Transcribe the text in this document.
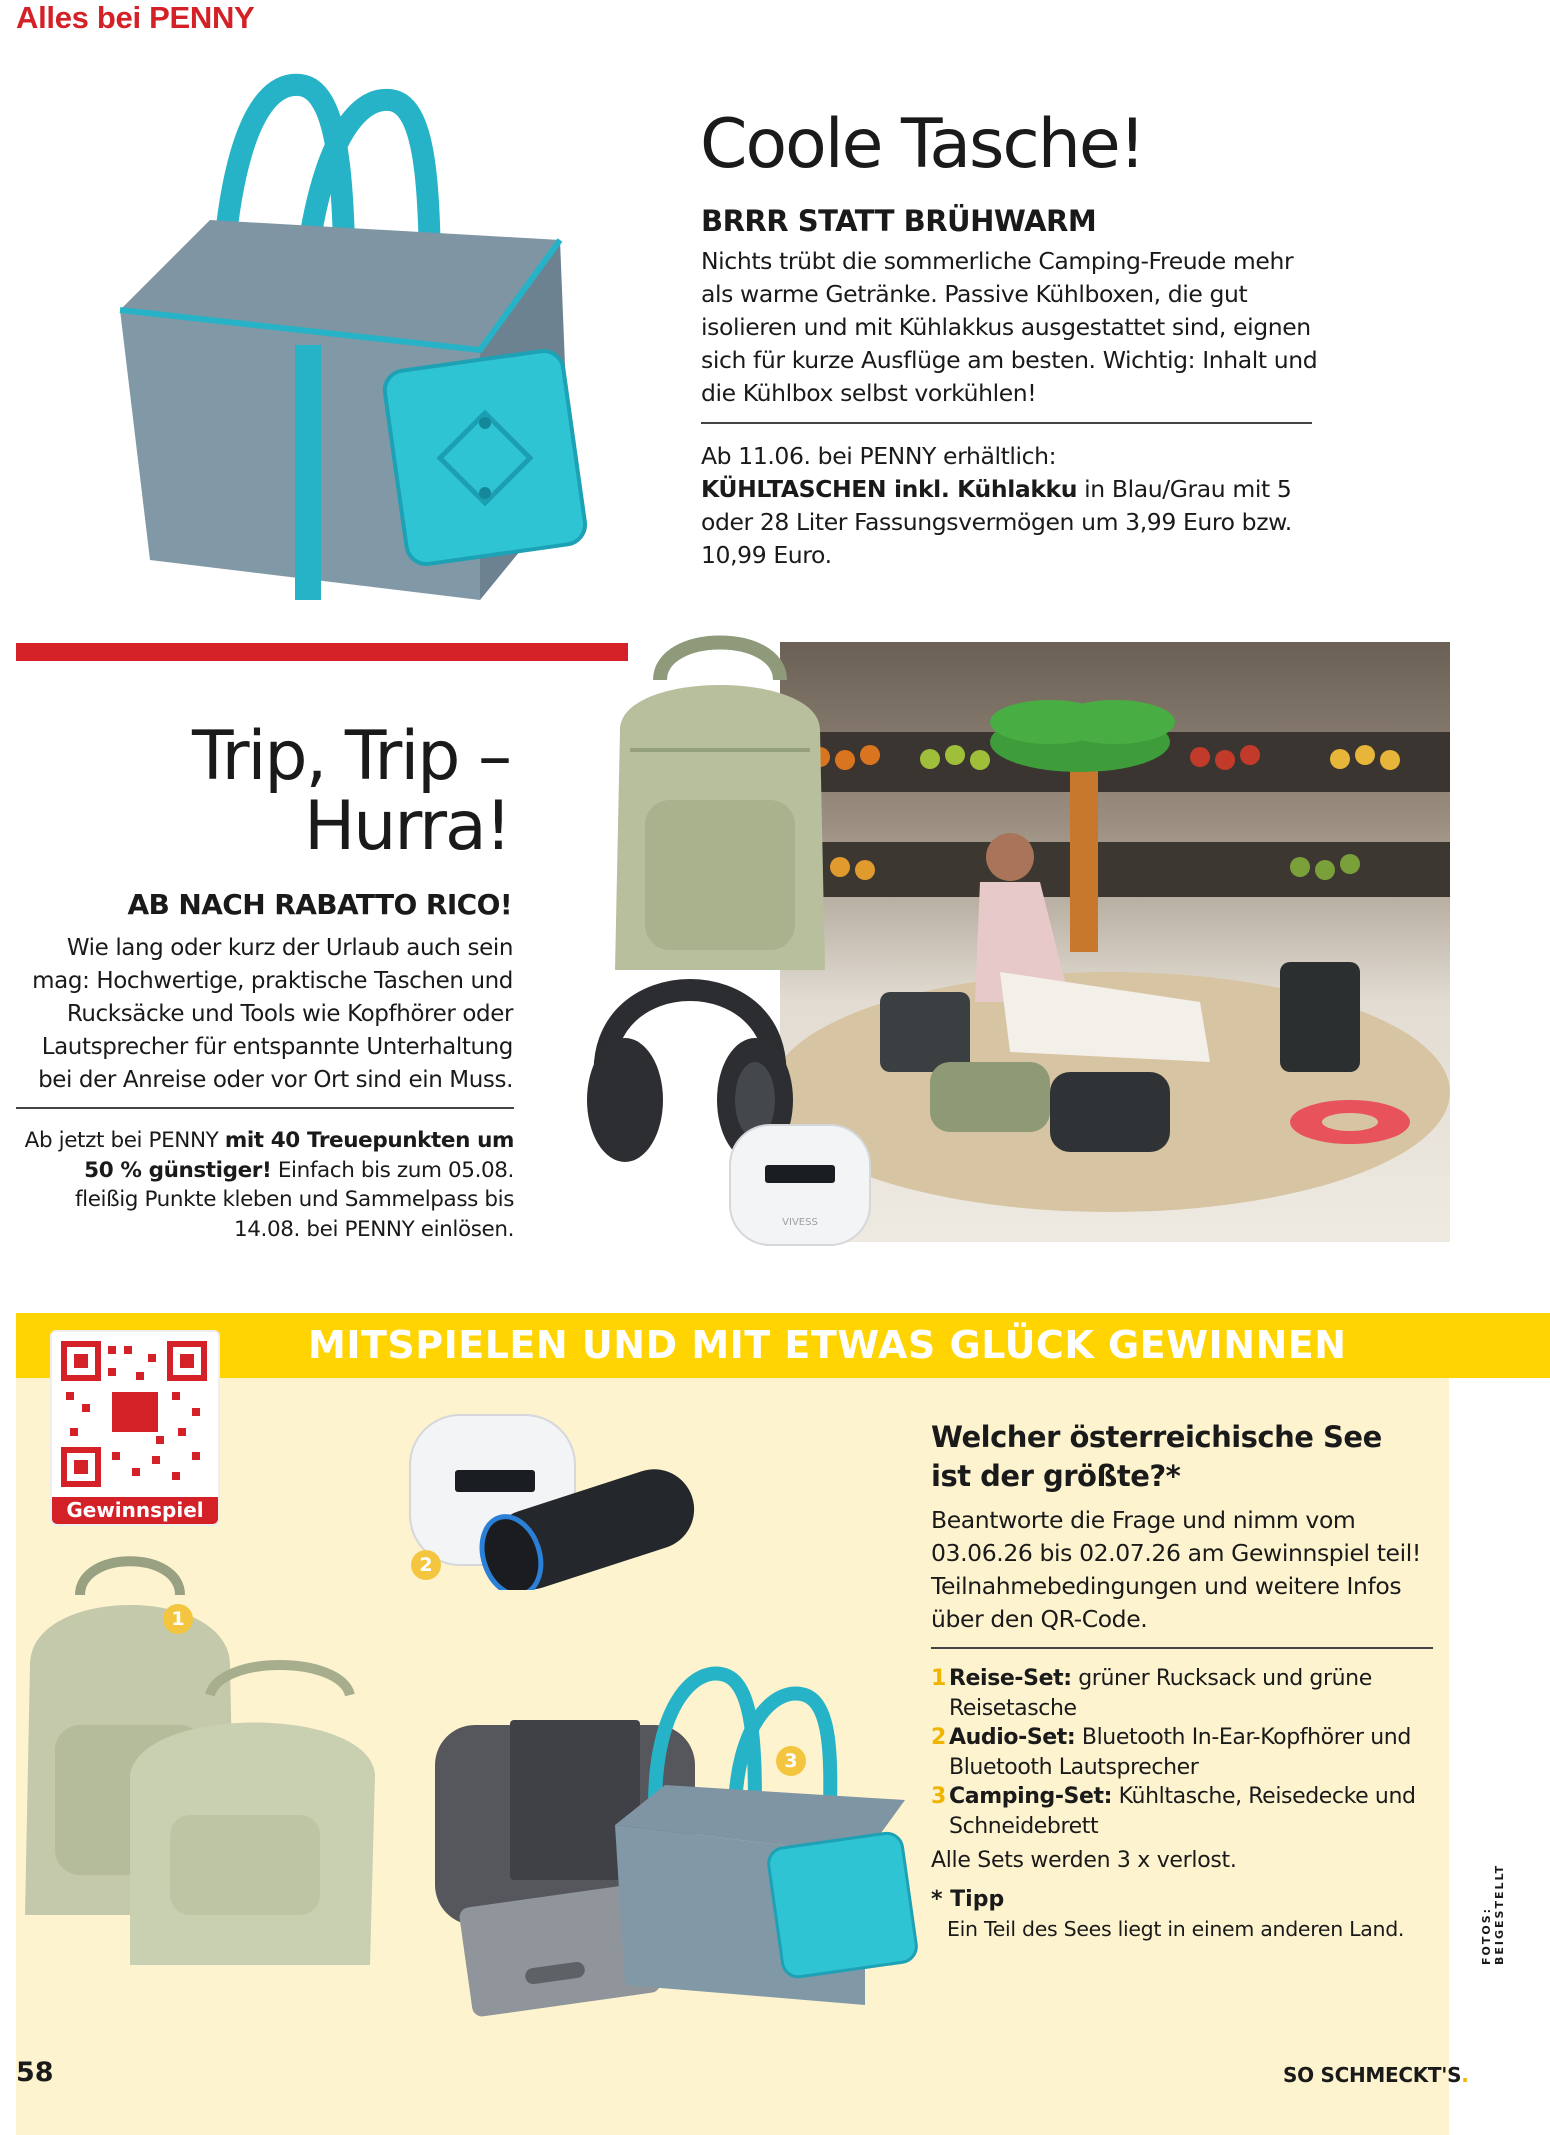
Alles bei PENNY
Coole Tasche!
BRRR STATT BRÜHWARM
Nichts trübt die sommerliche Camping-Freude mehr als warme Getränke. Passive Kühlboxen, die gut isolieren und mit Kühlakkus ausgestattet sind, eignen sich für kurze Ausflüge am besten. Wichtig: Inhalt und die Kühlbox selbst vorkühlen!
Ab 11.06. bei PENNY erhältlich:
KÜHLTASCHEN inkl. Kühlakku in Blau/Grau mit 5 oder 28 Liter Fassungsvermögen um 3,99 Euro bzw. 10,99 Euro.
Trip, Trip –
Hurra!
AB NACH RABATTO RICO!
Wie lang oder kurz der Urlaub auch sein mag: Hochwertige, praktische Taschen und Rucksäcke und Tools wie Kopfhörer oder Lautsprecher für entspannte Unterhaltung bei der Anreise oder vor Ort sind ein Muss.
Ab jetzt bei PENNY mit 40 Treuepunkten um 50 % günstiger! Einfach bis zum 05.08. fleißig Punkte kleben und Sammelpass bis 14.08. bei PENNY einlösen.	VIVESS
MITSPIELEN UND MIT ETWAS GLÜCK GEWINNEN
Gewinnspiel
1
2
3
Welcher österreichische See
ist der größte?*
Beantworte die Frage und nimm vom 03.06.26 bis 02.07.26 am Gewinnspiel teil! Teilnahmebedingungen und weitere Infos über den QR-Code.
1 Reise-Set: grüner Rucksack und grüne Reisetasche
2 Audio-Set: Bluetooth In-Ear-Kopfhörer und Bluetooth Lautsprecher
3 Camping-Set: Kühltasche, Reisedecke und Schneidebrett
Alle Sets werden 3 x verlost.
* Tipp
Ein Teil des Sees liegt in einem anderen Land.	FOTOS: BEIGESTELLT
58	SO SCHMECKT'S.
